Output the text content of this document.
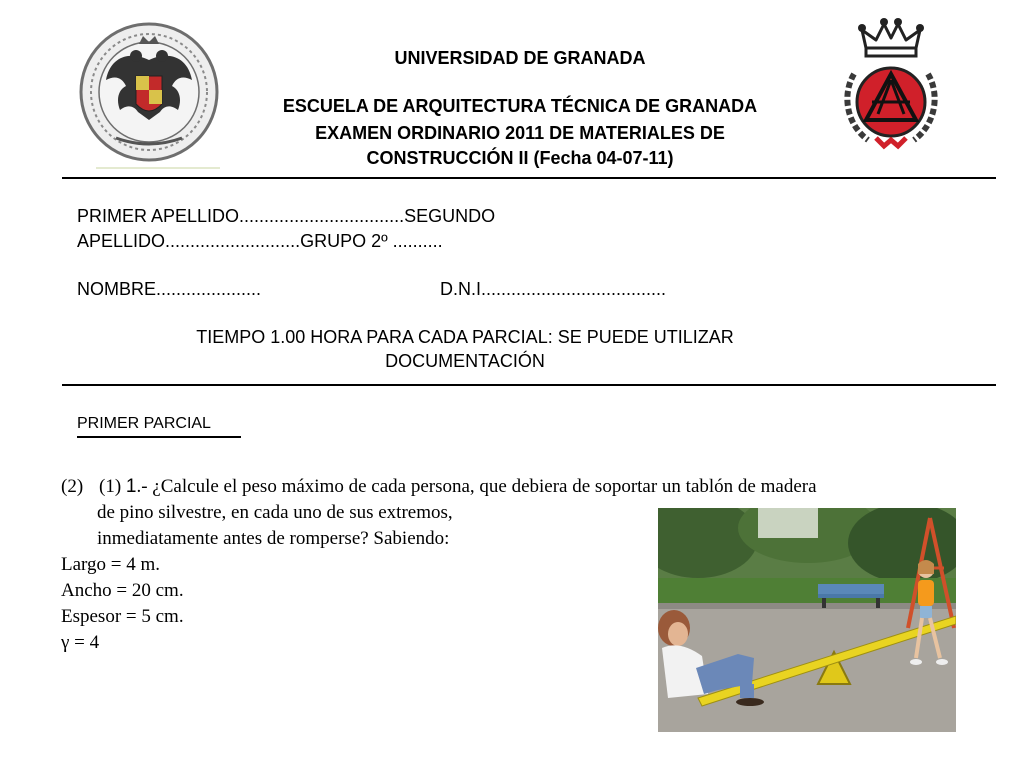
UNIVERSIDAD DE GRANADA
ESCUELA DE ARQUITECTURA TÉCNICA DE GRANADA
EXAMEN ORDINARIO 2011 DE MATERIALES DE
CONSTRUCCIÓN II (Fecha 04-07-11)
PRIMER APELLIDO.................................SEGUNDO
APELLIDO...........................GRUPO 2º ..........
NOMBRE.....................	D.N.I.....................................
TIEMPO 1.00 HORA PARA CADA PARCIAL: SE PUEDE UTILIZAR
DOCUMENTACIÓN
PRIMER PARCIAL
(2) (1) 1.- ¿Calcule el peso máximo de cada persona, que debiera de soportar un tablón de madera
de pino silvestre, en cada uno de sus extremos,
inmediatamente antes de romperse? Sabiendo:
Largo = 4 m.
Ancho = 20 cm.
Espesor = 5 cm.
γ = 4
